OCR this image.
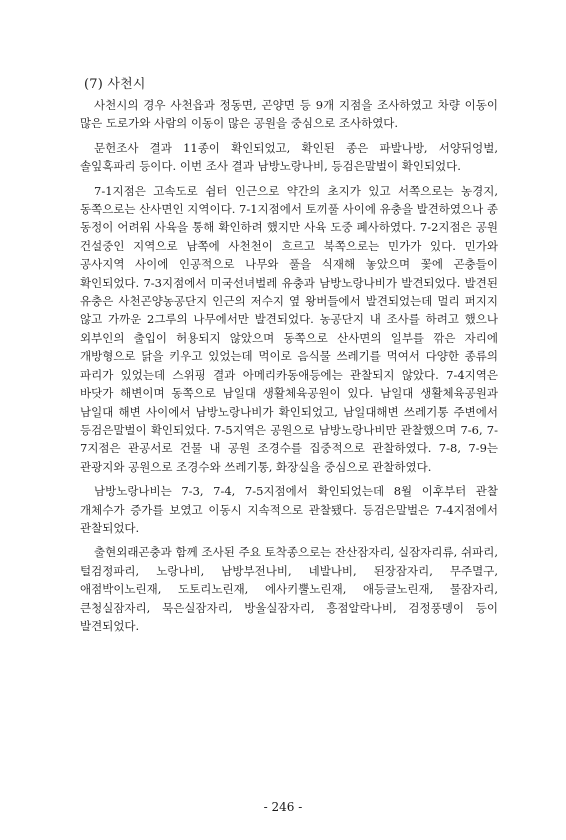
(7) 사천시

사천시의 경우 사천읍과 정동면, 곤양면 등 9개 지점을 조사하였고 차량 이동이 많은 도로가와 사람의 이동이 많은 공원을 중심으로 조사하였다.

문헌조사 결과 11종이 확인되었고, 확인된 종은 파발나방, 서양뒤엉벌, 솔잎혹파리 등이다. 이번 조사 결과 남방노랑나비, 등검은말벌이 확인되었다.

7-1지점은 고속도로 쉼터 인근으로 약간의 초지가 있고 서쪽으로는 농경지, 동쪽으로는 산사면인 지역이다. 7-1지점에서 토끼풀 사이에 유충을 발견하였으나 종 동정이 어려워 사육을 통해 확인하려 했지만 사육 도중 폐사하였다. 7-2지점은 공원 건설중인 지역으로 남쪽에 사천천이 흐르고 북쪽으로는 민가가 있다. 민가와 공사지역 사이에 인공적으로 나무와 풀을 식재해 놓았으며 꽃에 곤충들이 확인되었다. 7-3지점에서 미국선녀벌레 유충과 남방노랑나비가 발견되었다. 발견된 유충은 사천곤양농공단지 인근의 저수지 옆 왕버들에서 발견되었는데 멀리 퍼지지 않고 가까운 2그루의 나무에서만 발견되었다. 농공단지 내 조사를 하려고 했으나 외부인의 출입이 허용되지 않았으며 동쪽으로 산사면의 일부를 깎은 자리에 개방형으로 닭을 키우고 있었는데 먹이로 음식물 쓰레기를 먹여서 다양한 종류의 파리가 있었는데 스위핑 결과 아메리카동애등에는 관찰되지 않았다. 7-4지역은 바닷가 해변이며 동쪽으로 남일대 생활체육공원이 있다. 남일대 생활체육공원과 남일대 해변 사이에서 남방노랑나비가 확인되었고, 남일대해변 쓰레기통 주변에서 등검은말벌이 확인되었다. 7-5지역은 공원으로 남방노랑나비만 관찰했으며 7-6, 7-7지점은 관공서로 건물 내 공원 조경수를 집중적으로 관찰하였다. 7-8, 7-9는 관광지와 공원으로 조경수와 쓰레기통, 화장실을 중심으로 관찰하였다.

남방노랑나비는 7-3, 7-4, 7-5지점에서 확인되었는데 8월 이후부터 관찰 개체수가 증가를 보였고 이동시 지속적으로 관찰됐다. 등검은말벌은 7-4지점에서 관찰되었다.

출현외래곤충과 함께 조사된 주요 토착종으로는 잔산잠자리, 실잠자리류, 쉬파리, 털검정파리, 노랑나비, 남방부전나비, 네발나비, 된장잠자리, 무주멸구, 애점박이노린재, 도토리노린재, 에사키뿔노린재, 애등글노린재, 물잠자리, 큰청실잠자리, 묵은실잠자리, 방울실잠자리, 흥점알락나비, 검정풍뎅이 등이 발견되었다.

- 246 -
